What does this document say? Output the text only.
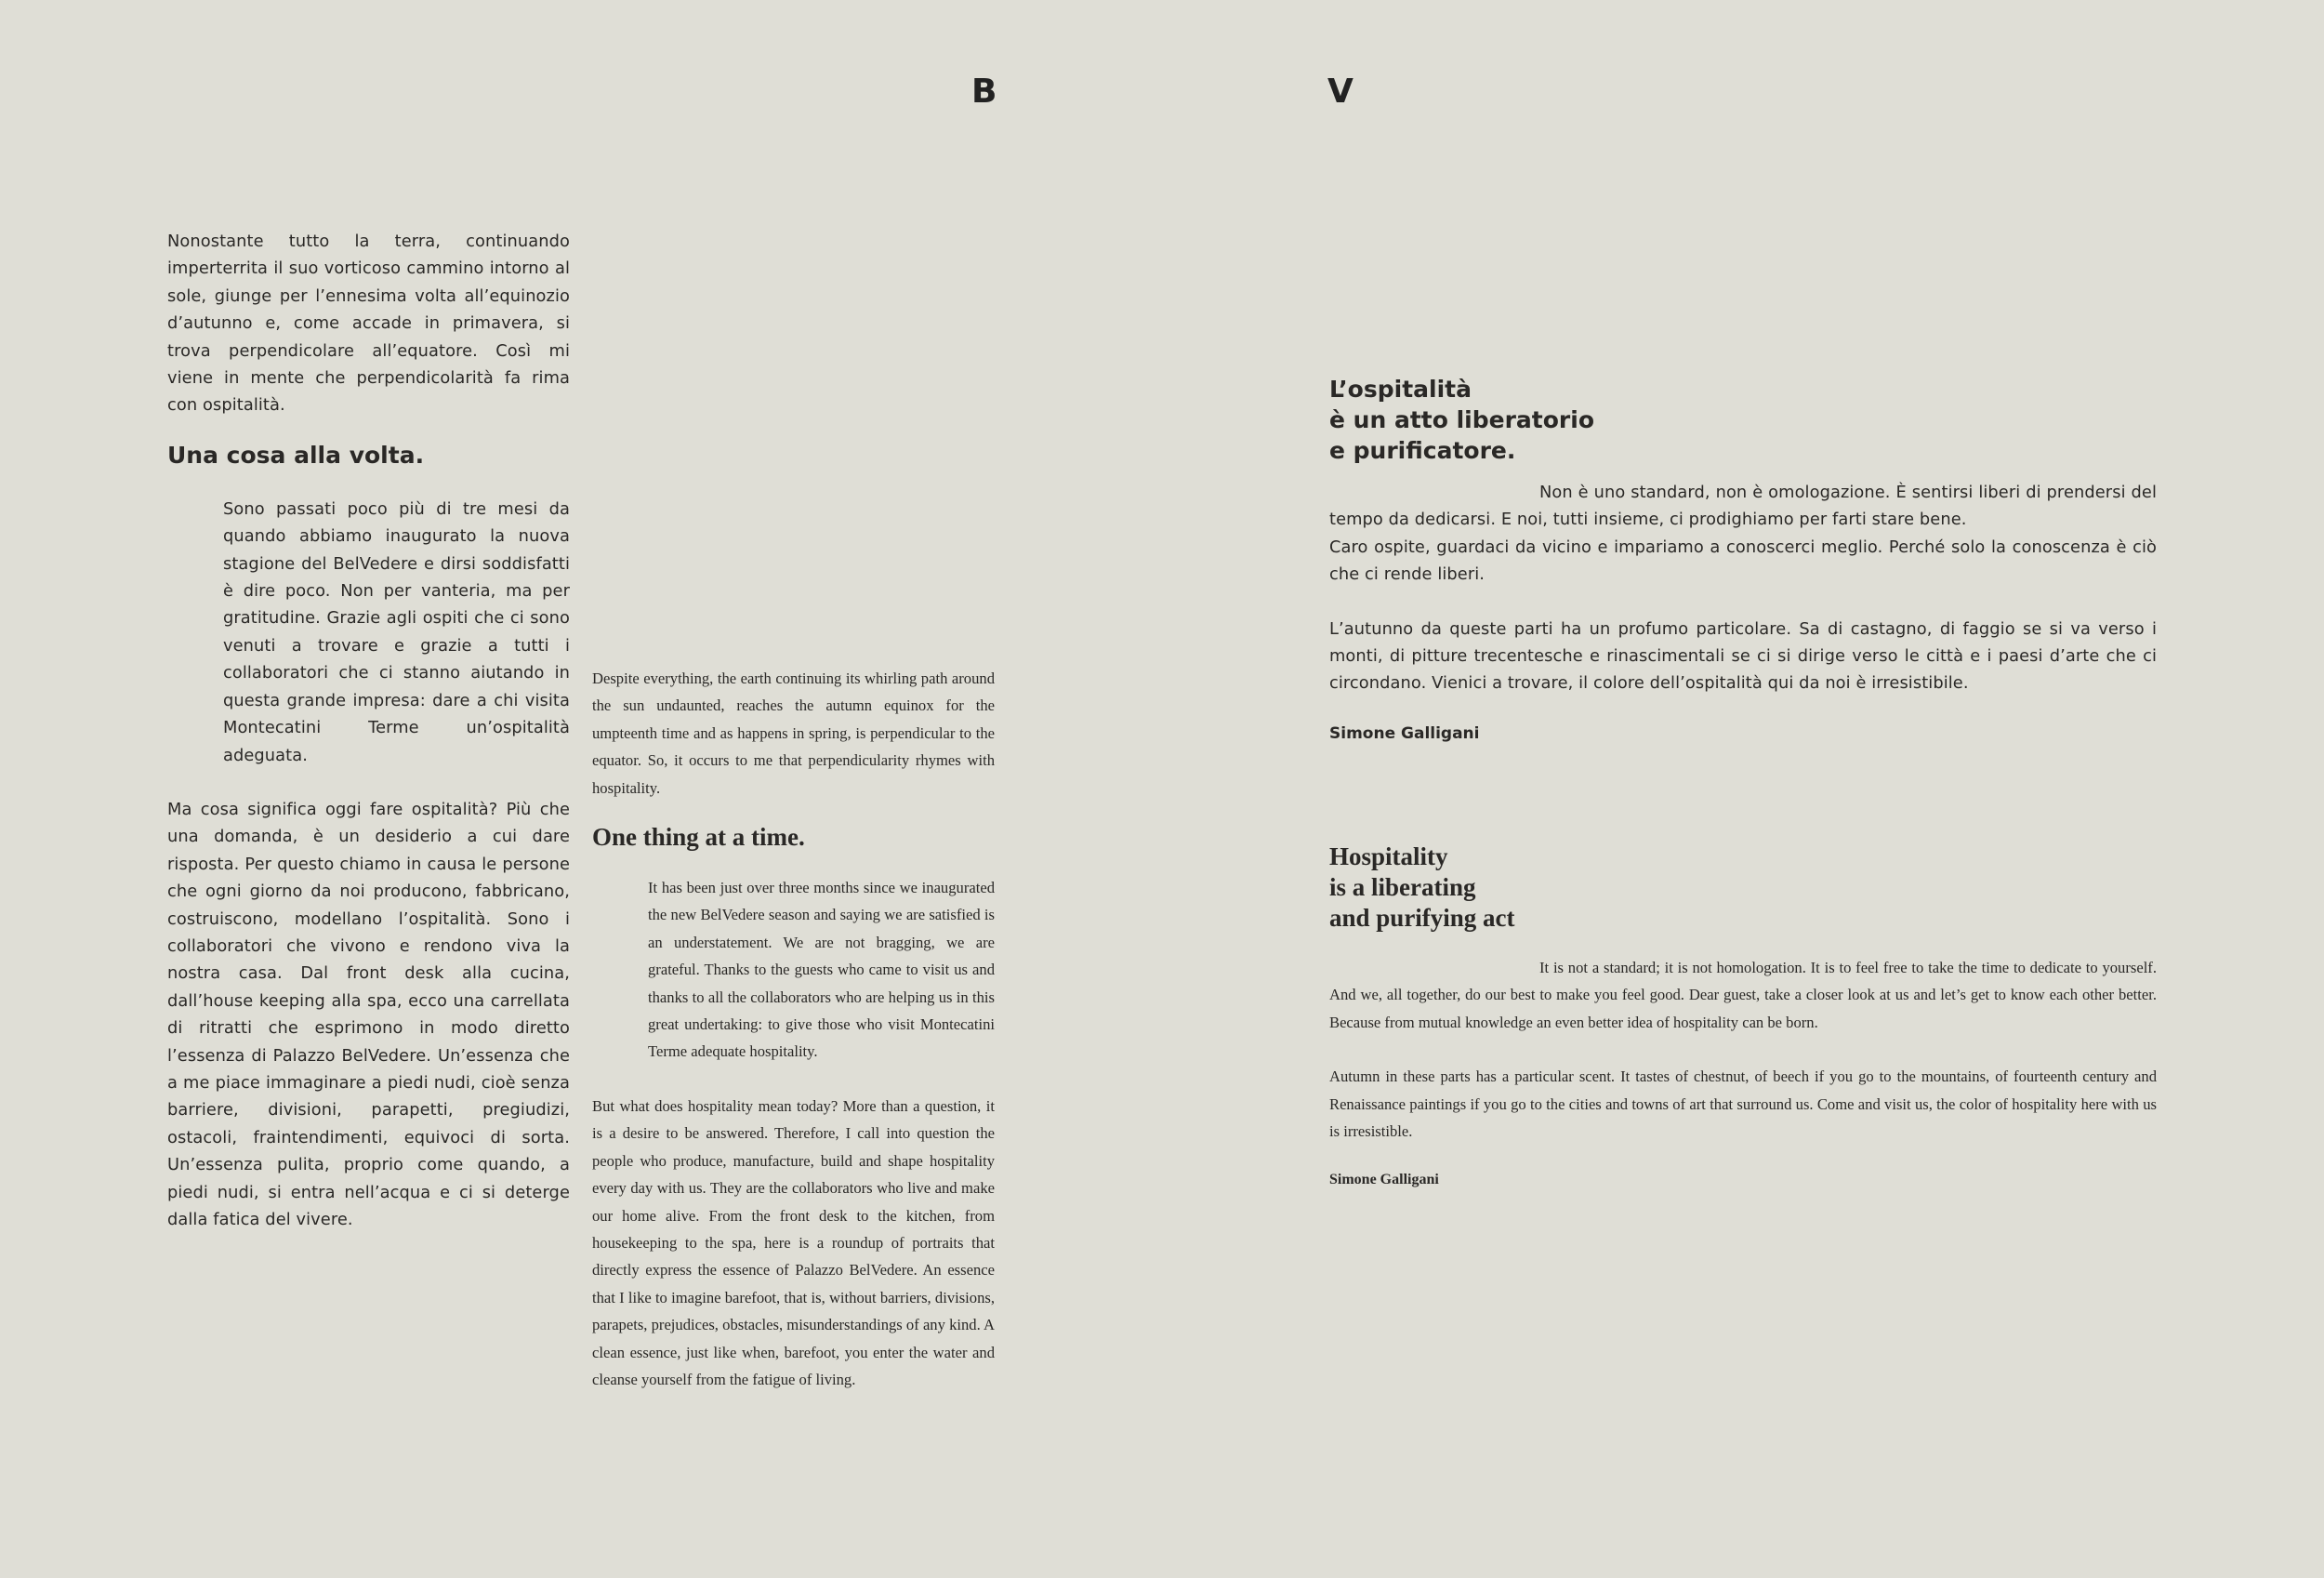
B	V

Nonostante tutto la terra, continuando imperterrita il suo vorticoso cammino intorno al sole, giunge per l’ennesima volta all’equinozio d’autunno e, come accade in primavera, si trova perpendicolare all’equatore. Così mi viene in mente che perpendicolarità fa rima con ospitalità.

Una cosa alla volta.

Sono passati poco più di tre mesi da quando abbiamo inaugurato la nuova stagione del BelVedere e dirsi soddisfatti è dire poco. Non per vanteria, ma per gratitudine. Grazie agli ospiti che ci sono venuti a trovare e grazie a tutti i collaboratori che ci stanno aiutando in questa grande impresa: dare a chi visita Montecatini Terme un’ospitalità adeguata.

Ma cosa significa oggi fare ospitalità? Più che una domanda, è un desiderio a cui dare risposta. Per questo chiamo in causa le persone che ogni giorno da noi producono, fabbricano, costruiscono, modellano l’ospitalità. Sono i collaboratori che vivono e rendono viva la nostra casa. Dal front desk alla cucina, dall’house keeping alla spa, ecco una carrellata di ritratti che esprimono in modo diretto l’essenza di Palazzo BelVedere. Un’essenza che a me piace immaginare a piedi nudi, cioè senza barriere, divisioni, parapetti, pregiudizi, ostacoli, fraintendimenti, equivoci di sorta. Un’essenza pulita, proprio come quando, a piedi nudi, si entra nell’acqua e ci si deterge dalla fatica del vivere.

Despite everything, the earth continuing its whirling path around the sun undaunted, reaches the autumn equinox for the umpteenth time and as happens in spring, is perpendicular to the equator. So, it occurs to me that perpendicularity rhymes with hospitality.

One thing at a time.

It has been just over three months since we inaugurated the new BelVedere season and saying we are satisfied is an understatement. We are not bragging, we are grateful. Thanks to the guests who came to visit us and thanks to all the collaborators who are helping us in this great undertaking: to give those who visit Montecatini Terme adequate hospitality.

But what does hospitality mean today? More than a question, it is a desire to be answered. Therefore, I call into question the people who produce, manufacture, build and shape hospitality every day with us. They are the collaborators who live and make our home alive. From the front desk to the kitchen, from housekeeping to the spa, here is a roundup of portraits that directly express the essence of Palazzo BelVedere. An essence that I like to imagine barefoot, that is, without barriers, divisions, parapets, prejudices, obstacles, misunderstandings of any kind. A clean essence, just like when, barefoot, you enter the water and cleanse yourself from the fatigue of living.

L’ospitalità
è un atto liberatorio
e purificatore.

Non è uno standard, non è omologazione. È sentirsi liberi di prendersi del tempo da dedicarsi. E noi, tutti insieme, ci prodighiamo per farti stare bene.

Caro ospite, guardaci da vicino e impariamo a conoscerci meglio. Perché solo la conoscenza è ciò che ci rende liberi.

L’autunno da queste parti ha un profumo particolare. Sa di castagno, di faggio se si va verso i monti, di pitture trecentesche e rinascimentali se ci si dirige verso le città e i paesi d’arte che ci circondano. Vienici a trovare, il colore dell’ospitalità qui da noi è irresistibile.

Simone Galligani

Hospitality
is a liberating
and purifying act

It is not a standard; it is not homologation. It is to feel free to take the time to dedicate to yourself. And we, all together, do our best to make you feel good. Dear guest, take a closer look at us and let’s get to know each other better. Because from mutual knowledge an even better idea of hospitality can be born.

Autumn in these parts has a particular scent. It tastes of chestnut, of beech if you go to the mountains, of fourteenth century and Renaissance paintings if you go to the cities and towns of art that surround us. Come and visit us, the color of hospitality here with us is irresistible.

Simone Galligani
